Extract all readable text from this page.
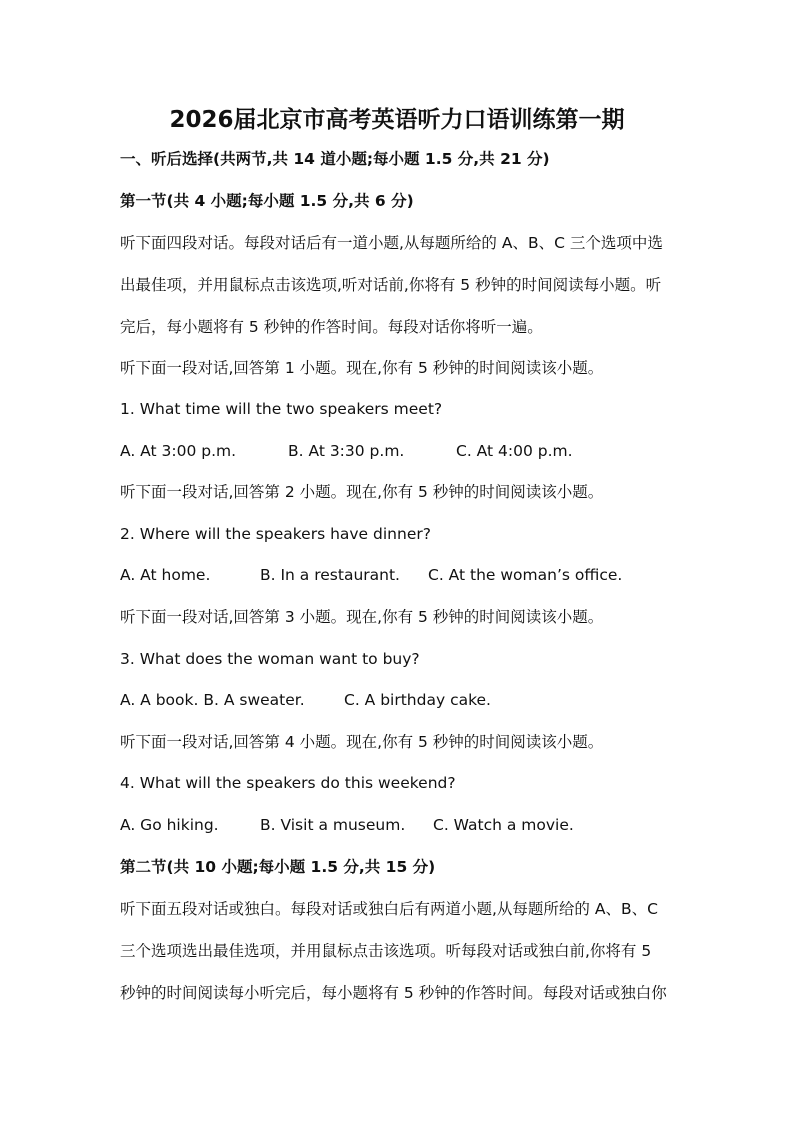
2026届北京市高考英语听力口语训练第一期
一、听后选择(共两节,共 14 道小题;每小题 1.5 分,共 21 分)
第一节(共 4 小题;每小题 1.5 分,共 6 分)
听下面四段对话。每段对话后有一道小题,从每题所给的 A、B、C 三个选项中选
出最佳项，并用鼠标点击该选项,听对话前,你将有 5 秒钟的时间阅读每小题。听
完后，每小题将有 5 秒钟的作答时间。每段对话你将听一遍。
听下面一段对话,回答第 1 小题。现在,你有 5 秒钟的时间阅读该小题。
1. What time will the two speakers meet?
A. At 3:00 p.m.	B. At 3:30 p.m.	C. At 4:00 p.m.
听下面一段对话,回答第 2 小题。现在,你有 5 秒钟的时间阅读该小题。
2. Where will the speakers have dinner?
A. At home.	B. In a restaurant. C. At the woman’s office.
听下面一段对话,回答第 3 小题。现在,你有 5 秒钟的时间阅读该小题。
3. What does the woman want to buy?
A. A book. B. A sweater.	C. A birthday cake.
听下面一段对话,回答第 4 小题。现在,你有 5 秒钟的时间阅读该小题。
4. What will the speakers do this weekend?
A. Go hiking.	B. Visit a museum. C. Watch a movie.
第二节(共 10 小题;每小题 1.5 分,共 15 分)
听下面五段对话或独白。每段对话或独白后有两道小题,从每题所给的 A、B、C
三个选项选出最佳选项，并用鼠标点击该选项。听每段对话或独白前,你将有 5
秒钟的时间阅读每小听完后，每小题将有 5 秒钟的作答时间。每段对话或独白你
